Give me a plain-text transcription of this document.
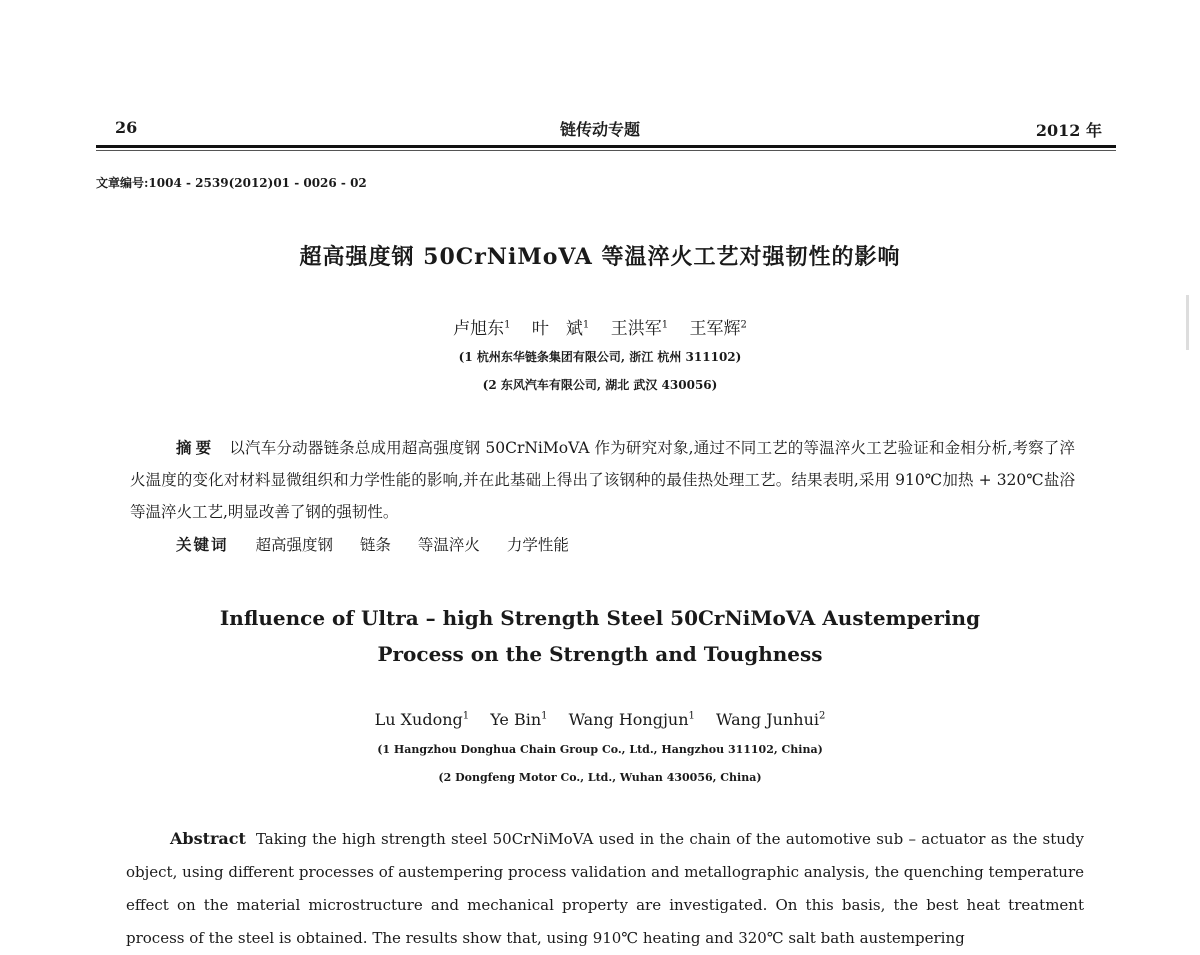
26	链传动专题	2012 年
文章编号:1004 - 2539(2012)01 - 0026 - 02
超高强度钢 50CrNiMoVA 等温淬火工艺对强韧性的影响
卢旭东$^1$ 叶　斌$^1$ 王洪军$^1$ 王军辉$^2$
(1 杭州东华链条集团有限公司, 浙江 杭州 311102)
(2 东风汽车有限公司, 湖北 武汉 430056)
摘要 以汽车分动器链条总成用超高强度钢 50CrNiMoVA 作为研究对象,通过不同工艺的等温淬火工艺验证和金相分析,考察了淬火温度的变化对材料显微组织和力学性能的影响,并在此基础上得出了该钢种的最佳热处理工艺。结果表明,采用 910℃加热 + 320℃盐浴等温淬火工艺,明显改善了钢的强韧性。
关键词 超高强度钢 链条 等温淬火 力学性能
Influence of Ultra – high Strength Steel 50CrNiMoVA Austempering
Process on the Strength and Toughness
Lu Xudong$^1$ Ye Bin$^1$ Wang Hongjun$^1$ Wang Junhui$^2$
(1 Hangzhou Donghua Chain Group Co., Ltd., Hangzhou 311102, China)
(2 Dongfeng Motor Co., Ltd., Wuhan 430056, China)
Abstract Taking the high strength steel 50CrNiMoVA used in the chain of the automotive sub – actuator as the study object, using different processes of austempering process validation and metallographic analysis, the quenching temperature effect on the material microstructure and mechanical property are investigated. On this basis, the best heat treatment process of the steel is obtained. The results show that, using 910℃ heating and 320℃ salt bath austempering
